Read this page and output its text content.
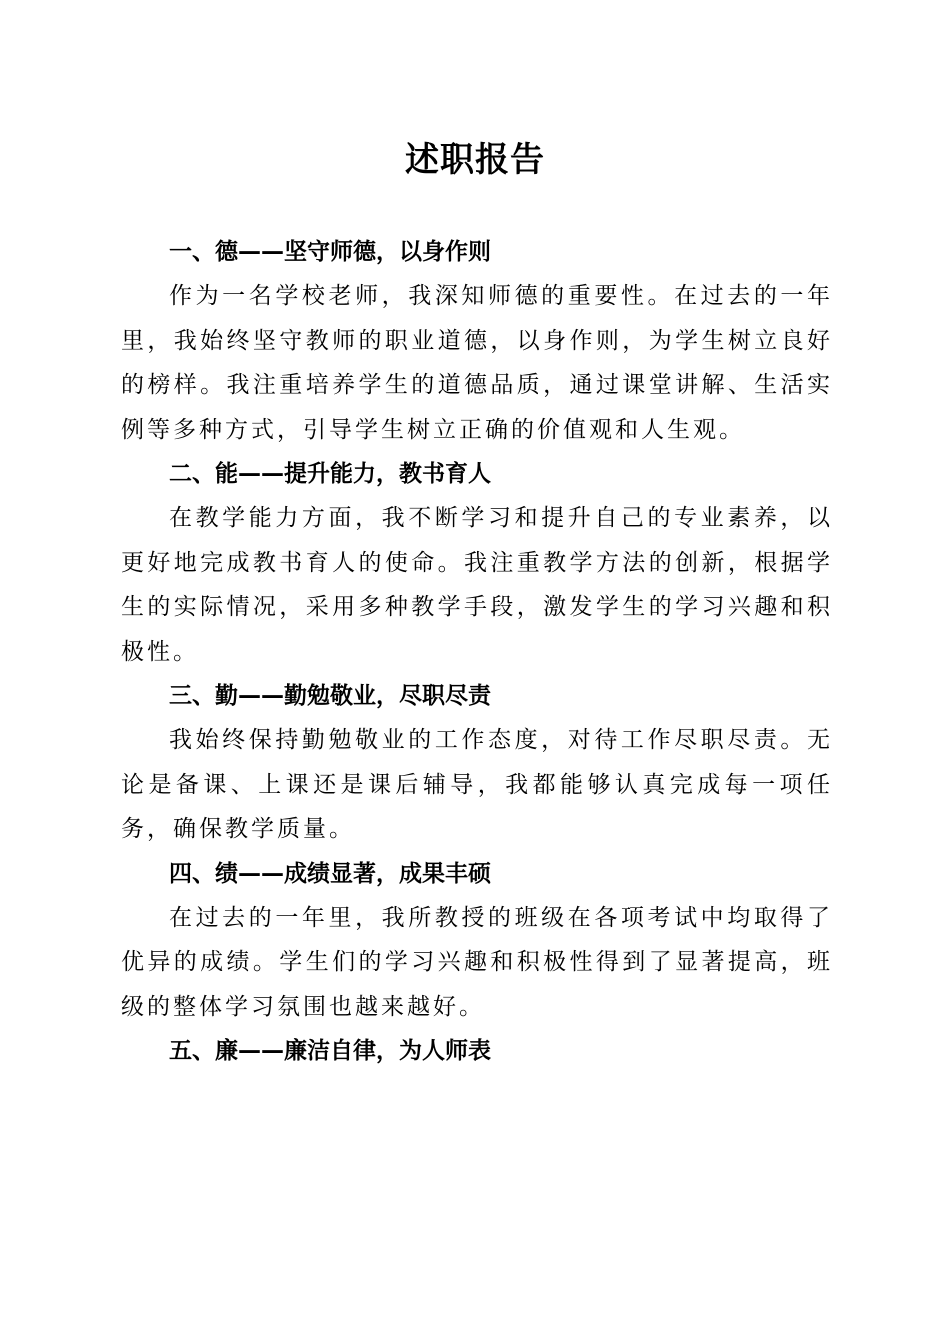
述职报告
一、德——坚守师德，以身作则

作为一名学校老师，我深知师德的重要性。在过去的一年里，我始终坚守教师的职业道德，以身作则，为学生树立良好的榜样。我注重培养学生的道德品质，通过课堂讲解、生活实例等多种方式，引导学生树立正确的价值观和人生观。

二、能——提升能力，教书育人

在教学能力方面，我不断学习和提升自己的专业素养，以更好地完成教书育人的使命。我注重教学方法的创新，根据学生的实际情况，采用多种教学手段，激发学生的学习兴趣和积极性。

三、勤——勤勉敬业，尽职尽责

我始终保持勤勉敬业的工作态度，对待工作尽职尽责。无论是备课、上课还是课后辅导，我都能够认真完成每一项任务，确保教学质量。

四、绩——成绩显著，成果丰硕

在过去的一年里，我所教授的班级在各项考试中均取得了优异的成绩。学生们的学习兴趣和积极性得到了显著提高，班级的整体学习氛围也越来越好。

五、廉——廉洁自律，为人师表
